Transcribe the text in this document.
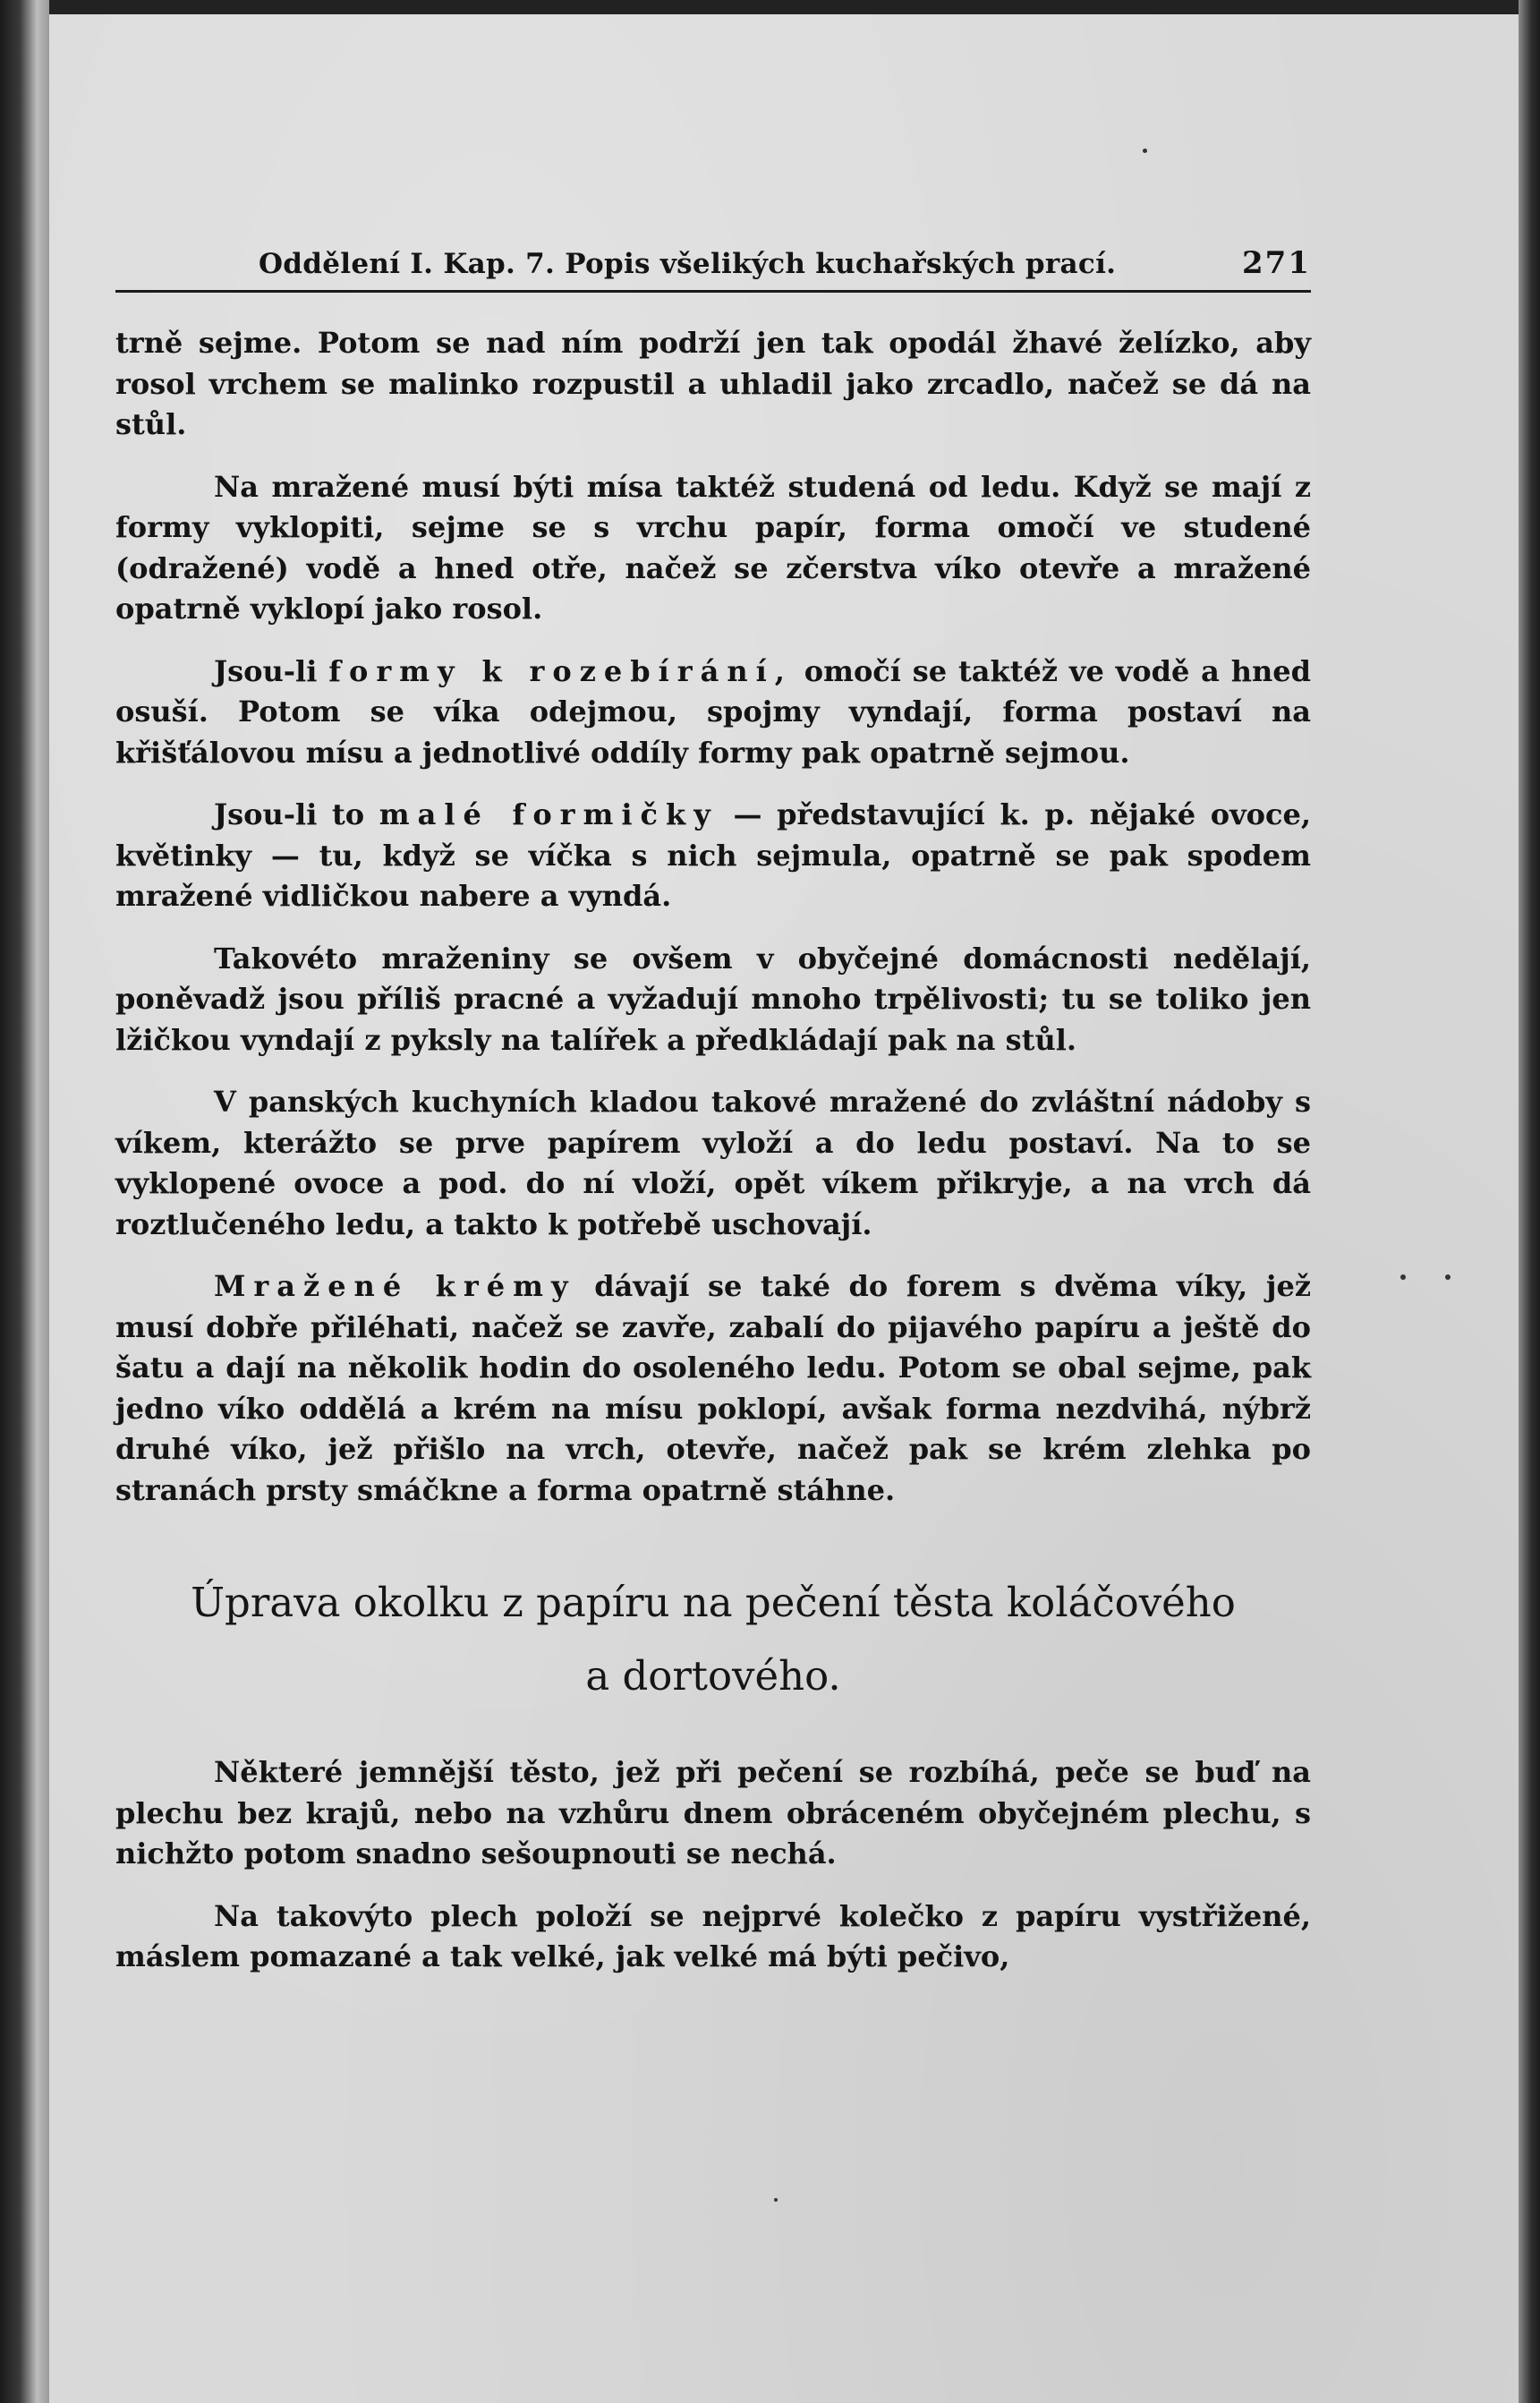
Oddělení I. Kap. 7. Popis všelikých kuchařských prací.	271

trně sejme. Potom se nad ním podrží jen tak opodál žhavé želízko, aby rosol vrchem se malinko rozpustil a uhladil jako zrcadlo, načež se dá na stůl.

Na mražené musí býti mísa taktéž studená od ledu. Když se mají z formy vyklopiti, sejme se s vrchu papír, forma omočí ve studené (odražené) vodě a hned otře, načež se zčerstva víko otevře a mražené opatrně vyklopí jako rosol.

Jsou-li formy k rozebírání, omočí se taktéž ve vodě a hned osuší. Potom se víka odejmou, spojmy vyndají, forma postaví na křišťálovou mísu a jednotlivé oddíly formy pak opatrně sejmou.

Jsou-li to malé formičky — představující k. p. nějaké ovoce, květinky — tu, když se víčka s nich sejmula, opatrně se pak spodem mražené vidličkou nabere a vyndá.

Takovéto mraženiny se ovšem v obyčejné domácnosti nedělají, poněvadž jsou příliš pracné a vyžadují mnoho trpělivosti; tu se toliko jen lžičkou vyndají z pyksly na talířek a předkládají pak na stůl.

V panských kuchyních kladou takové mražené do zvláštní nádoby s víkem, kterážto se prve papírem vyloží a do ledu postaví. Na to se vyklopené ovoce a pod. do ní vloží, opět víkem přikryje, a na vrch dá roztlučeného ledu, a takto k potřebě uschovají.

Mražené krémy dávají se také do forem s dvěma víky, jež musí dobře přiléhati, načež se zavře, zabalí do pijavého papíru a ještě do šatu a dají na několik hodin do osoleného ledu. Potom se obal sejme, pak jedno víko oddělá a krém na mísu poklopí, avšak forma nezdvihá, nýbrž druhé víko, jež přišlo na vrch, otevře, načež pak se krém zlehka po stranách prsty smáčkne a forma opatrně stáhne.

Úprava okolku z papíru na pečení těsta koláčového
a dortového.

Některé jemnější těsto, jež při pečení se rozbíhá, peče se buď na plechu bez krajů, nebo na vzhůru dnem obráceném obyčejném plechu, s nichžto potom snadno sešoupnouti se nechá.

Na takovýto plech položí se nejprvé kolečko z papíru vystřižené, máslem pomazané a tak velké, jak velké má býti pečivo,
